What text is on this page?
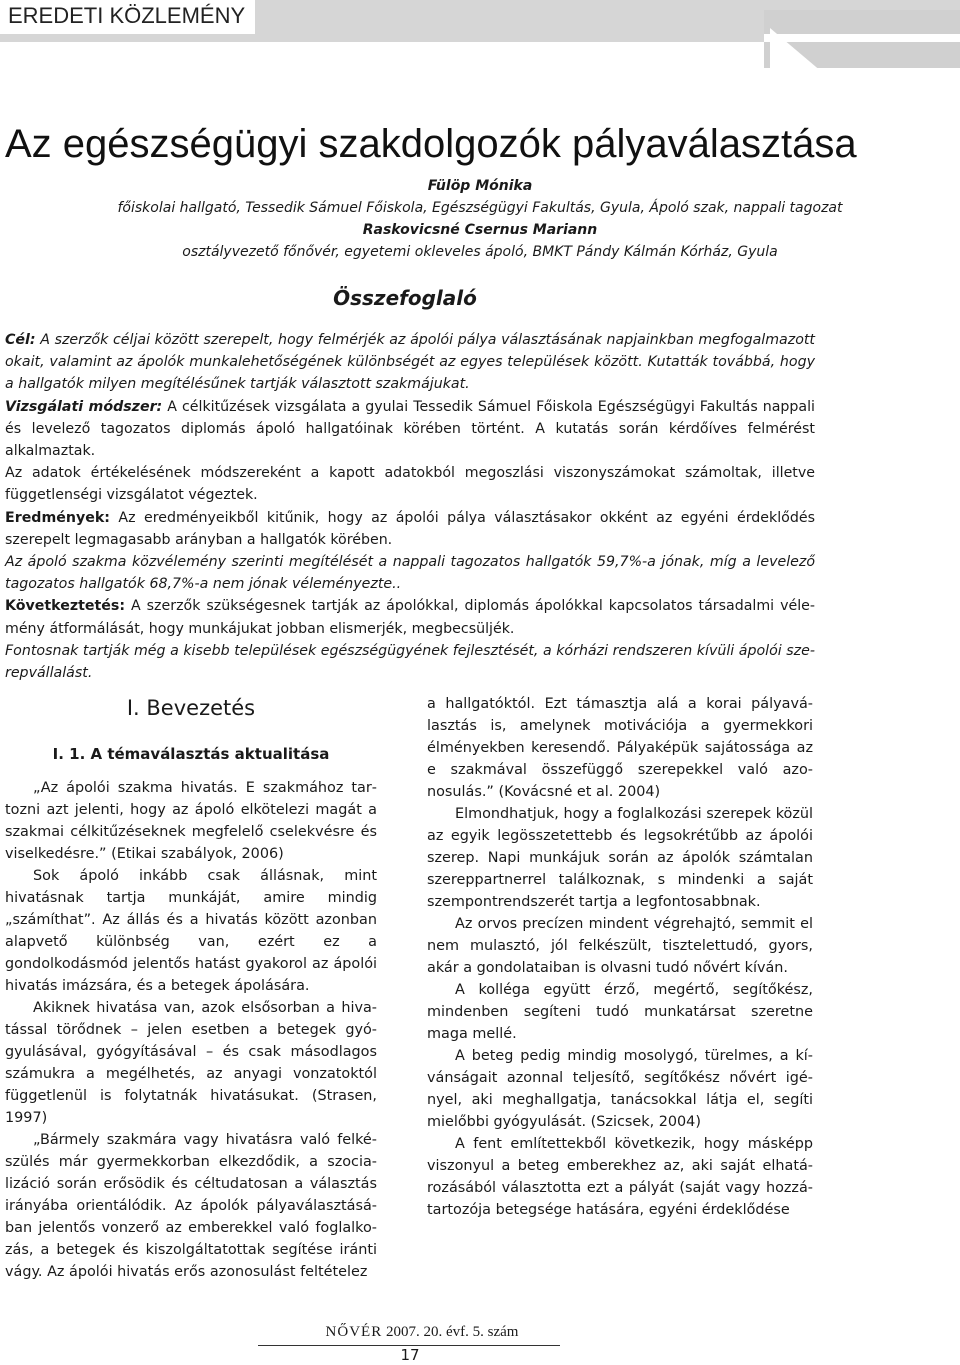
EREDETI KÖZLEMÉNY
Az egészségügyi szakdolgozók pályaválasztása
Fülöp Mónika
főiskolai hallgató, Tessedik Sámuel Főiskola, Egészségügyi Fakultás, Gyula, Ápoló szak, nappali tagozat
Raskovicsné Csernus Mariann
osztályvezető főnővér, egyetemi okleveles ápoló, BMKT Pándy Kálmán Kórház, Gyula
Összefoglaló

Cél: A szerzők céljai között szerepelt, hogy felmérjék az ápolói pálya választásának napjainkban megfogalmazott okait, valamint az ápolók munkalehetőségének különbségét az egyes települések között. Kutatták továbbá, hogy a hallgatók milyen megítélésűnek tartják választott szakmájukat.

Vizsgálati módszer: A célkitűzések vizsgálata a gyulai Tessedik Sámuel Főiskola Egészségügyi Fakultás nappali és levelező tagozatos diplomás ápoló hallgatóinak körében történt. A kutatás során kérdőíves felmérést alkalmaztak.

Az adatok értékelésének módszereként a kapott adatokból megoszlási viszonyszámokat számoltak, illetve függetlenségi vizsgálatot végeztek.

Eredmények: Az eredményeikből kitűnik, hogy az ápolói pálya választásakor okként az egyéni érdeklődés szerepelt legmagasabb arányban a hallgatók körében.

Az ápoló szakma közvélemény szerinti megítélését a nappali tagozatos hallgatók 59,7%-a jónak, míg a levelező tagozatos hallgatók 68,7%-a nem jónak véleményezte..

Következtetés: A szerzők szükségesnek tartják az ápolókkal, diplomás ápolókkal kapcsolatos társadalmi vélemény átformálását, hogy munkájukat jobban elismerjék, megbecsüljék.

Fontosnak tartják még a kisebb települések egészségügyének fejlesztését, a kórházi rendszeren kívüli ápolói szerepvállalást.

I. Bevezetés
I. 1. A témaválasztás aktualitása

„Az ápolói szakma hivatás. E szakmához tartozni azt jelenti, hogy az ápoló elkötelezi magát a szakmai célkitűzéseknek megfelelő cselekvésre és viselkedésre.” (Etikai szabályok, 2006)

Sok ápoló inkább csak állásnak, mint hivatásnak tartja munkáját, amire mindig „számíthat”. Az állás és a hivatás között azonban alapvető különbség van, ezért ez a gondolkodásmód jelentős hatást gyakorol az ápolói hivatás imázsára, és a betegek ápolására.

Akiknek hivatása van, azok elsősorban a hivatással törődnek – jelen esetben a betegek gyógyulásával, gyógyításával – és csak másodlagos számukra a megélhetés, az anyagi vonzatoktól függetlenül is folytatnák hivatásukat. (Strasen, 1997)

„Bármely szakmára vagy hivatásra való felkészülés már gyermekkorban elkezdődik, a szocializáció során erősödik és céltudatosan a választás irányába orientálódik. Az ápolók pályaválasztásában jelentős vonzerő az emberekkel való foglalkozás, a betegek és kiszolgáltatottak segítése iránti vágy. Az ápolói hivatás erős azonosulást feltételez

a hallgatóktól. Ezt támasztja alá a korai pályaválasztás is, amelynek motivációja a gyermekkori élményekben keresendő. Pályaképük sajátossága az e szakmával összefüggő szerepekkel való azonosulás.” (Kovácsné et al. 2004)

Elmondhatjuk, hogy a foglalkozási szerepek közül az egyik legösszetettebb és legsokrétűbb az ápolói szerep. Napi munkájuk során az ápolók számtalan szereppartnerrel találkoznak, s mindenki a saját szempontrendszerét tartja a legfontosabbnak.

Az orvos precízen mindent végrehajtó, semmit el nem mulasztó, jól felkészült, tisztelettudó, gyors, akár a gondolataiban is olvasni tudó nővért kíván.

A kolléga együtt érző, megértő, segítőkész, mindenben segíteni tudó munkatársat szeretne maga mellé.

A beteg pedig mindig mosolygó, türelmes, a kívánságait azonnal teljesítő, segítőkész nővért igényel, aki meghallgatja, tanácsokkal látja el, segíti mielőbbi gyógyulását. (Szicsek, 2004)

A fent említettekből következik, hogy másképp viszonyul a beteg emberekhez az, aki saját elhatározásából választotta ezt a pályát (saját vagy hozzátartozója betegsége hatására, egyéni érdeklődése

NŐVÉR 2007. 20. évf. 5. szám
17
